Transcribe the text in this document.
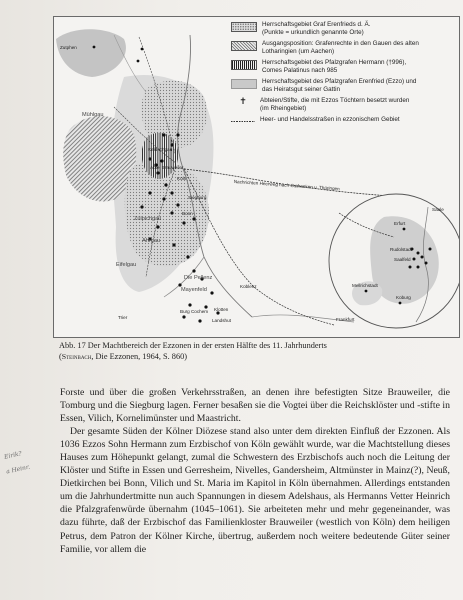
Zutphen
Mühlgau
Abtei Brauweiler
Köln
Keldachgau
Siegburg
Bonn
Zülpichgau
Ahrgau
Eifelgau
Die Pellenz
Mayenfeld
Koblenz
Burg Cochem Klotten
Landshut
Trier	Frankfurt
Nachrichten Heerweg nach Ostfranken u. Thüringen
Erfurt
Saale
Rudolstadt
Saalfeld
Mellrichstadt
Koburg
Herrschaftsgebiet Graf Erenfrieds d. Ä.
(Punkte = urkundlich genannte Orte)
Ausgangsposition: Grafenrechte in den Gauen des alten
Lotharingien (um Aachen)
Herrschaftsgebiet des Pfalzgrafen Hermann (†996),
Comes Palatinus nach 985
Herrschaftsgebiet des Pfalzgrafen Erenfried (Ezzo) und
das Heiratsgut seiner Gattin
✝	Abteien/Stifte, die mit Ezzos Töchtern besetzt wurden
(im Rheingebiet)
Heer- und Handelsstraßen in ezzonischem Gebiet
Abb. 17 Der Machtbereich der Ezzonen in der ersten Hälfte des 11. Jahrhunderts
(Steinbach, Die Ezzonen, 1964, S. 860)
Eirik?
a Heinr.

Forste und über die großen Verkehrsstraßen, an denen ihre befestigten Sitze Brauweiler, die Tomburg und die Siegburg lagen. Ferner besaßen sie die Vogtei über die Reichsklöster und -stifte in Essen, Vilich, Kornelimünster und Maastricht.

Der gesamte Süden der Kölner Diözese stand also unter dem direkten Einfluß der Ezzonen. Als 1036 Ezzos Sohn Hermann zum Erzbischof von Köln gewählt wurde, war die Machtstellung dieses Hauses zum Höhepunkt gelangt, zumal die Schwestern des Erzbischofs auch noch die Leitung der Klöster und Stifte in Essen und Gerresheim, Nivelles, Gandersheim, Altmünster in Mainz(?), Neuß, Dietkirchen bei Bonn, Vilich und St. Maria im Kapitol in Köln übernahmen. Allerdings entstanden um die Jahrhundertmitte nun auch Spannungen in diesem Adelshaus, als Hermanns Vetter Heinrich die Pfalzgrafenwürde übernahm (1045–1061). Sie arbeiteten mehr und mehr gegeneinander, was dazu führte, daß der Erzbischof das Familienkloster Brauweiler (westlich von Köln) dem heiligen Petrus, dem Patron der Kölner Kirche, übertrug, außerdem noch weitere bedeutende Güter seiner Familie, vor allem die
